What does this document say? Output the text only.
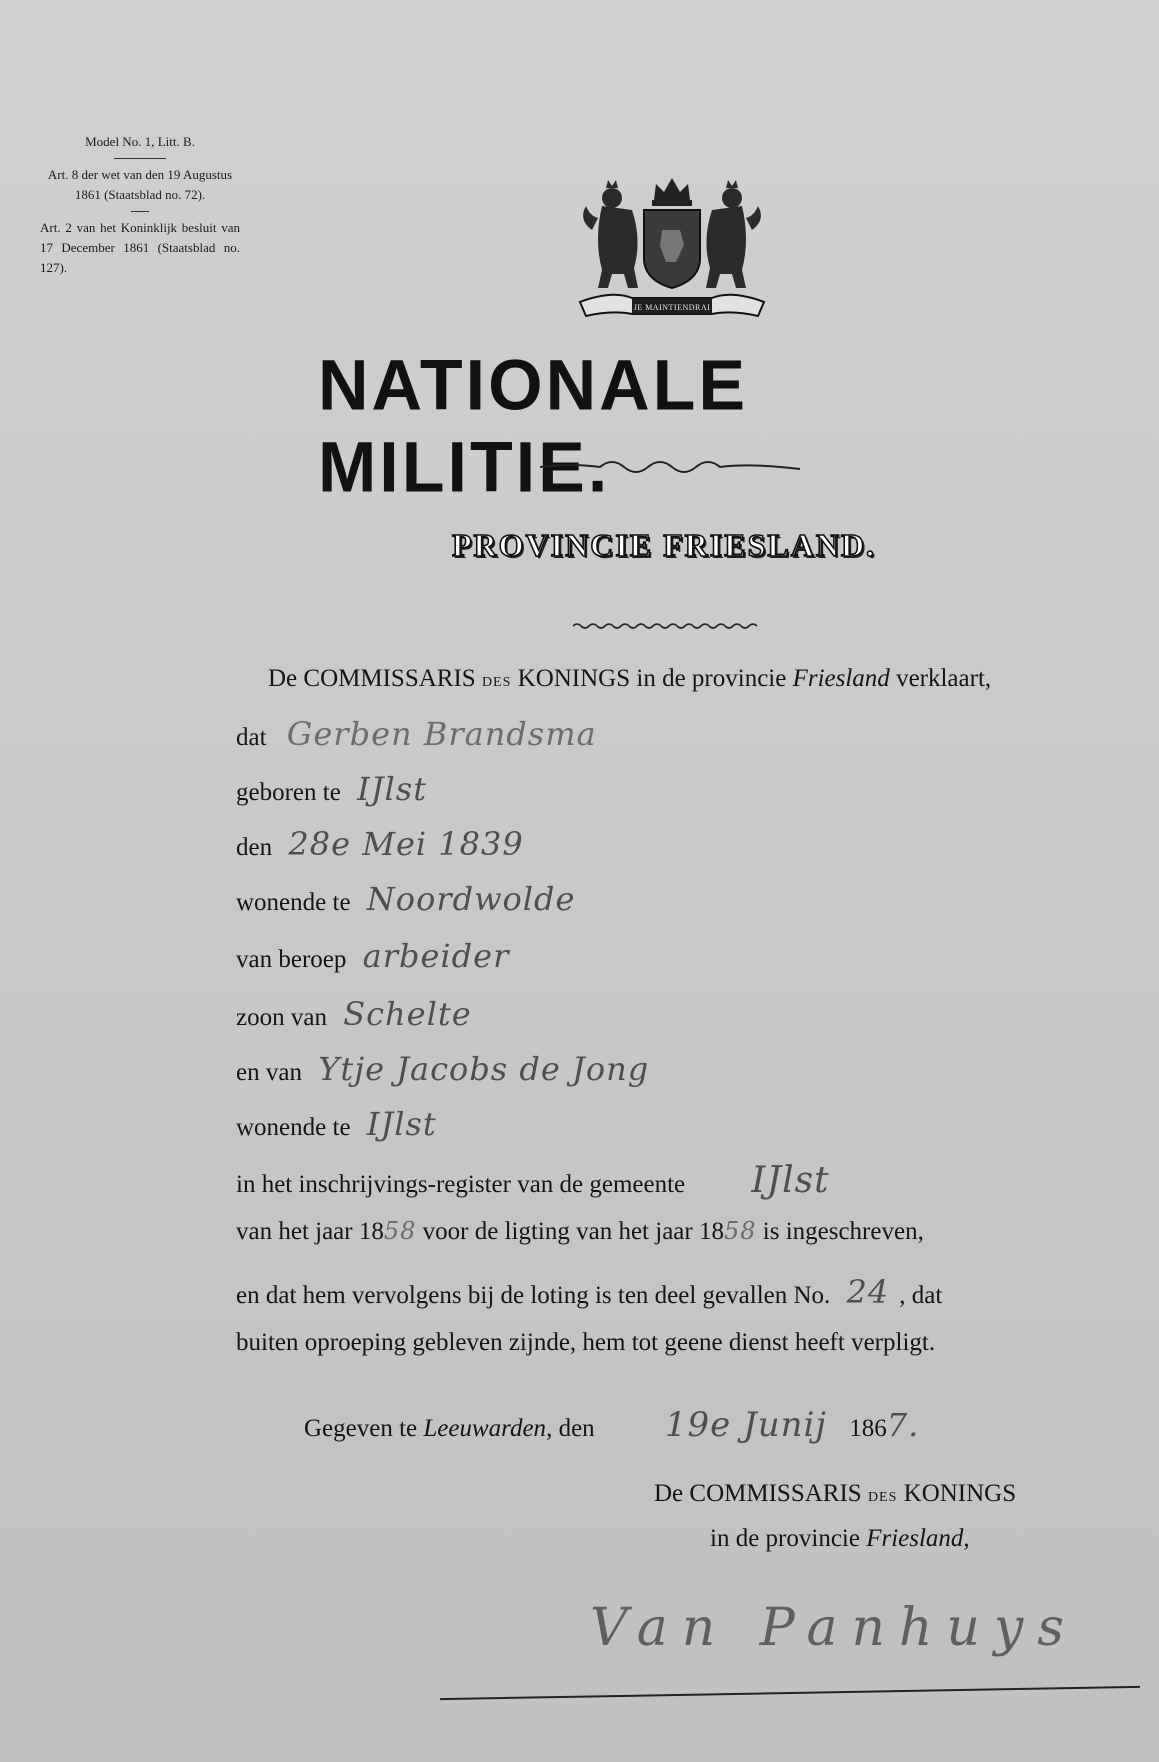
Model No. 1, Litt. B.
Art. 8 der wet van den 19 Augustus 1861 (Staatsblad no. 72).
Art. 2 van het Koninklijk besluit van 17 December 1861 (Staatsblad no. 127).
JE MAINTIENDRAI
NATIONALE MILITIE.
PROVINCIE FRIESLAND.
De COMMISSARIS des KONINGS in de provincie Friesland verklaart,
dat Gerben Brandsma
geboren te IJlst
den 28e Mei 1839
wonende te Noordwolde
van beroep arbeider
zoon van Schelte
en van Ytje Jacobs de Jong
wonende te IJlst
in het inschrijvings-register van de gemeente IJlst
van het jaar 1858 voor de ligting van het jaar 1858 is ingeschreven,
en dat hem vervolgens bij de loting is ten deel gevallen No. 24 , dat
buiten oproeping gebleven zijnde, hem tot geene dienst heeft verpligt.
Gegeven te Leeuwarden, den 19e Junij 1867.
De COMMISSARIS des KONINGS
in de provincie Friesland,
Van Panhuys
